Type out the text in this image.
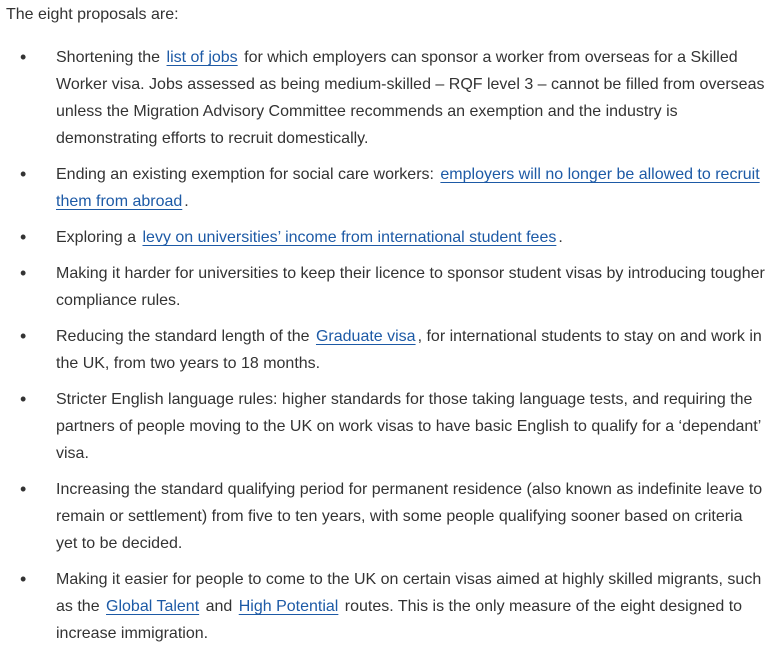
The eight proposals are:

• Shortening the list of jobs for which employers can sponsor a worker from overseas for a Skilled Worker visa. Jobs assessed as being medium-skilled – RQF level 3 – cannot be filled from overseas unless the Migration Advisory Committee recommends an exemption and the industry is demonstrating efforts to recruit domestically.
• Ending an existing exemption for social care workers: employers will no longer be allowed to recruit them from abroad .
• Exploring a levy on universities’ income from international student fees .
• Making it harder for universities to keep their licence to sponsor student visas by introducing tougher compliance rules.
• Reducing the standard length of the Graduate visa , for international students to stay on and work in the UK, from two years to 18 months.
• Stricter English language rules: higher standards for those taking language tests, and requiring the partners of people moving to the UK on work visas to have basic English to qualify for a ‘dependant’ visa.
• Increasing the standard qualifying period for permanent residence (also known as indefinite leave to remain or settlement) from five to ten years, with some people qualifying sooner based on criteria yet to be decided.
• Making it easier for people to come to the UK on certain visas aimed at highly skilled migrants, such as the Global Talent and High Potential routes. This is the only measure of the eight designed to increase immigration.
